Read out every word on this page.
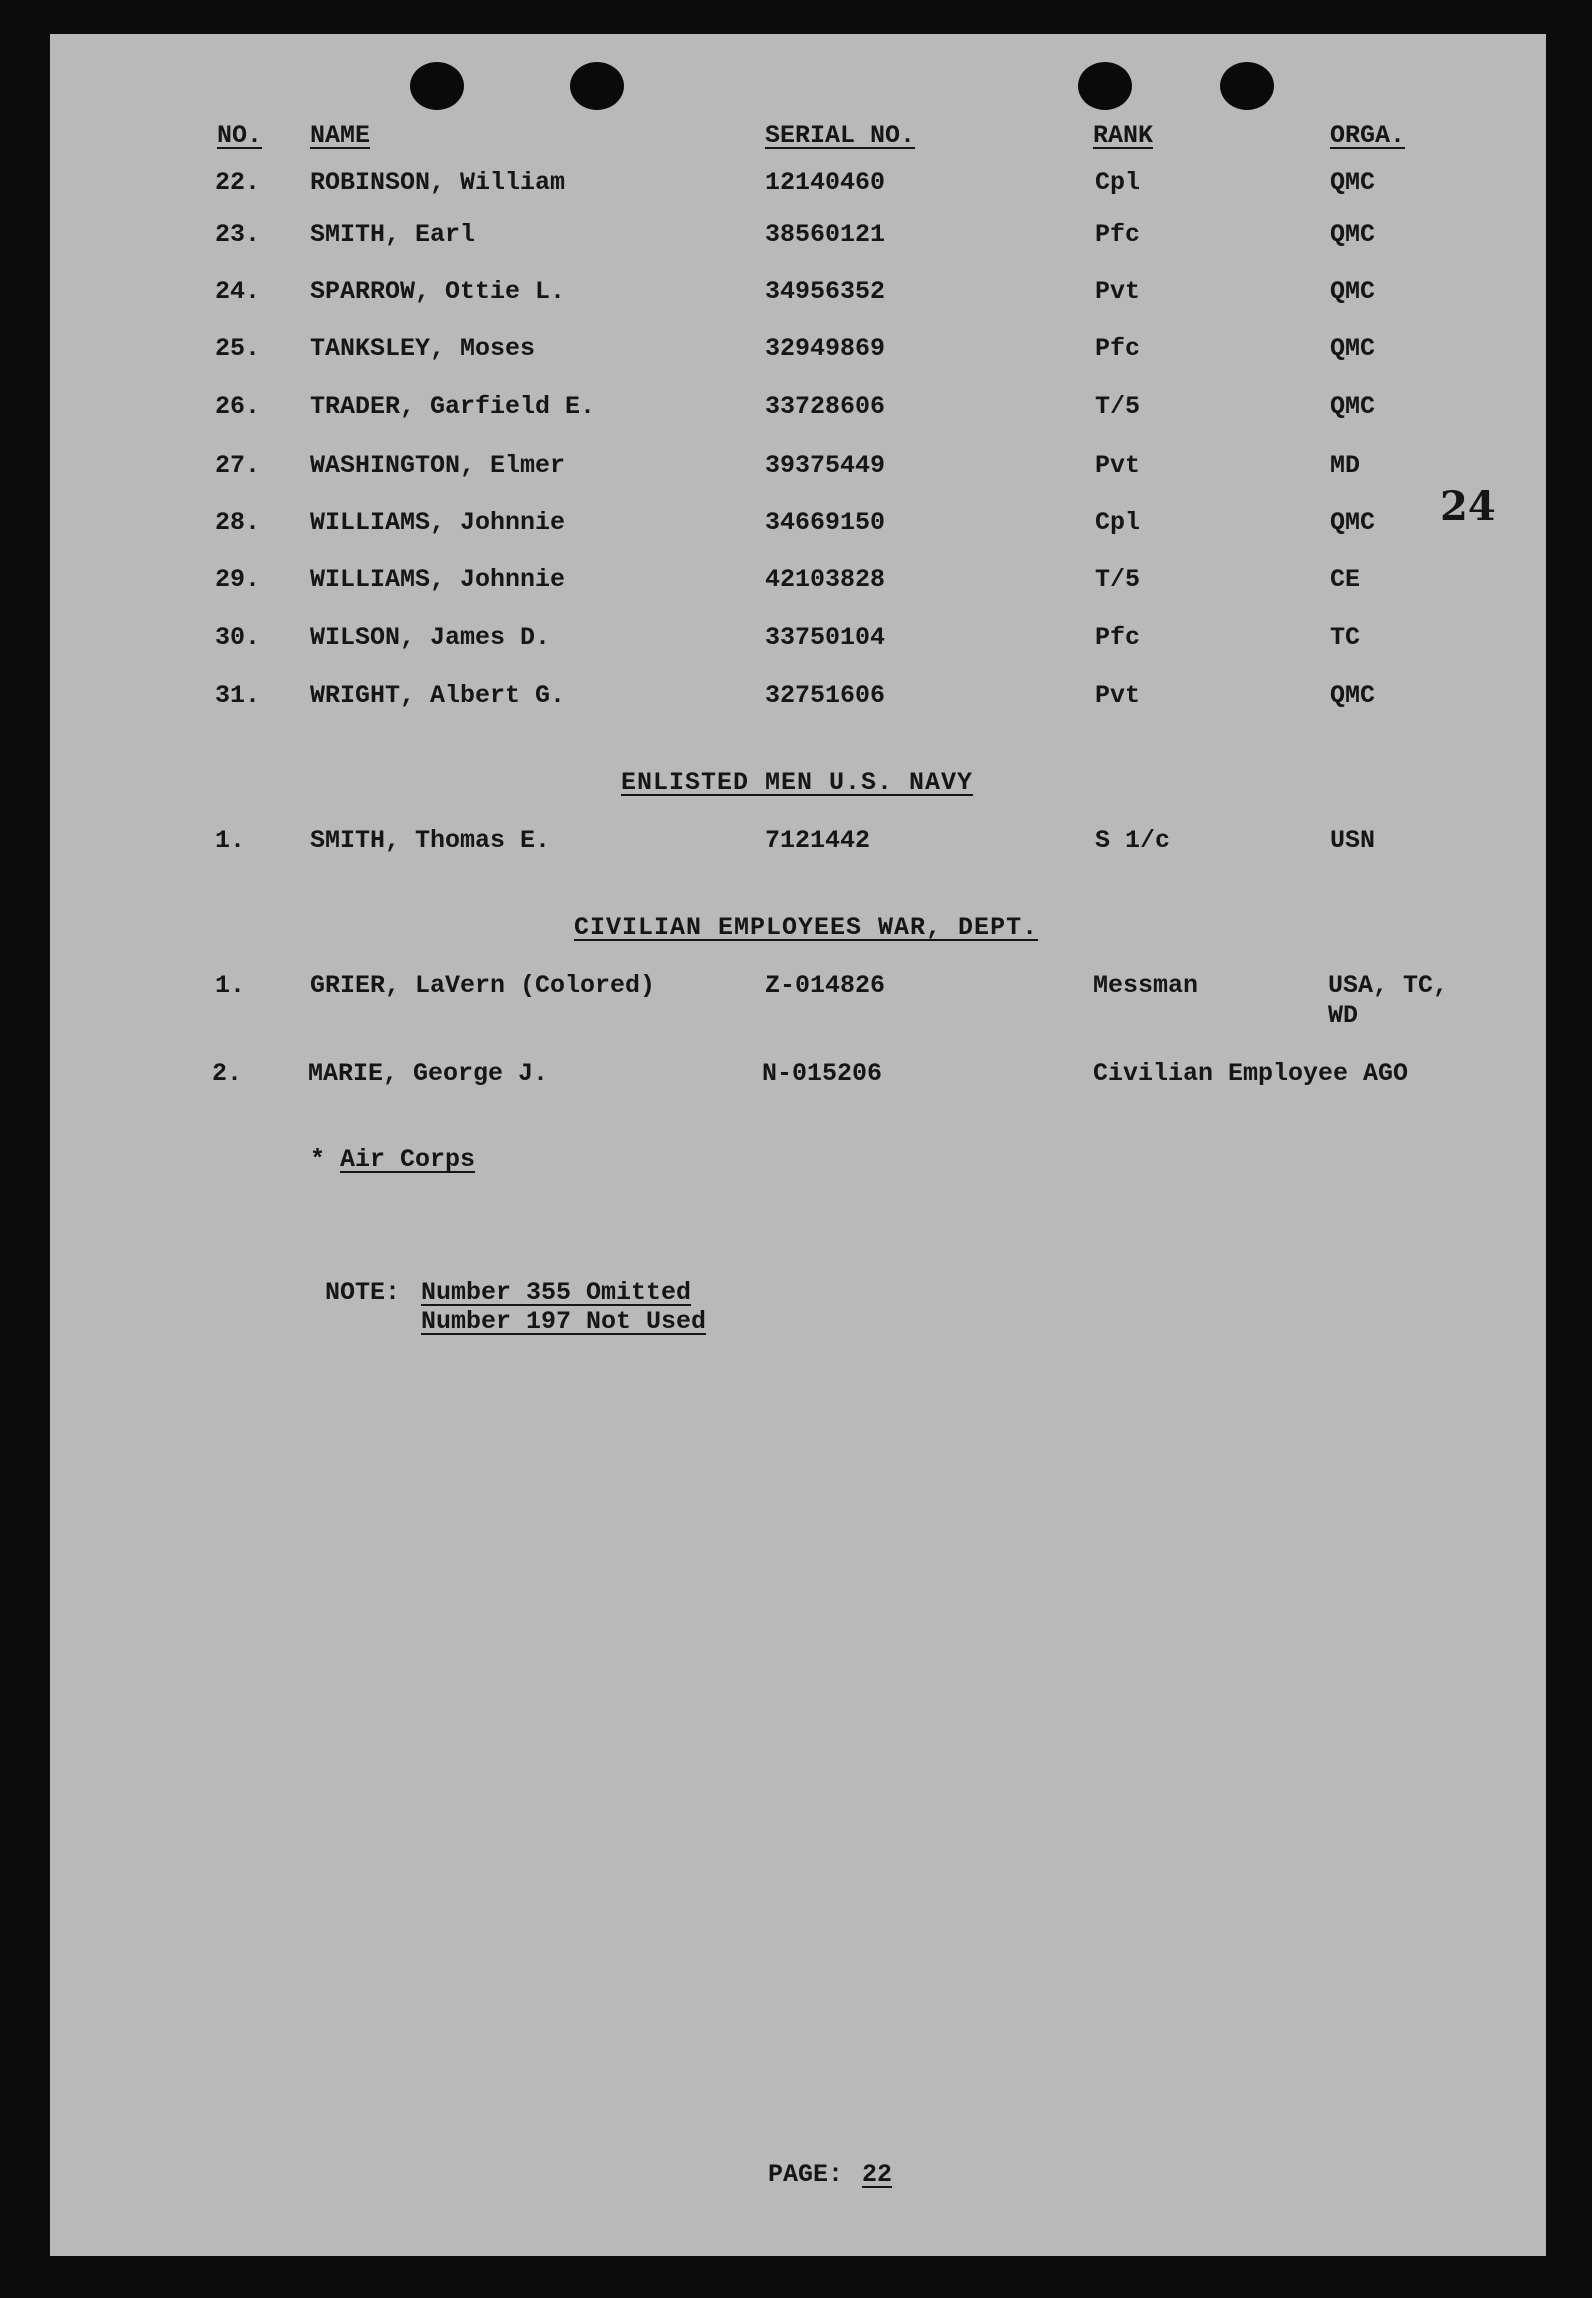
NO. NAME	SERIAL NO.	RANK	ORGA.
24
22. ROBINSON, William	12140460	Cpl	QMC
23. SMITH, Earl	38560121	Pfc	QMC
24. SPARROW, Ottie L.	34956352	Pvt	QMC
25. TANKSLEY, Moses	32949869	Pfc	QMC
26. TRADER, Garfield E.	33728606	T/5	QMC
27. WASHINGTON, Elmer	39375449	Pvt	MD
28. WILLIAMS, Johnnie	34669150	Cpl	QMC
29. WILLIAMS, Johnnie	42103828	T/5	CE
30. WILSON, James D.	33750104	Pfc	TC
31. WRIGHT, Albert G.	32751606	Pvt	QMC
ENLISTED MEN U.S. NAVY
1.	SMITH, Thomas E.	7121442	S 1/c	USN
CIVILIAN EMPLOYEES WAR, DEPT.
1.	GRIER, LaVern (Colored)	Z-014826	Messman	USA, TC,
WD
2.	MARIE, George J.	N-015206	Civilian Employee AGO
* Air Corps
NOTE: Number 355 Omitted
Number 197 Not Used
PAGE: 22
